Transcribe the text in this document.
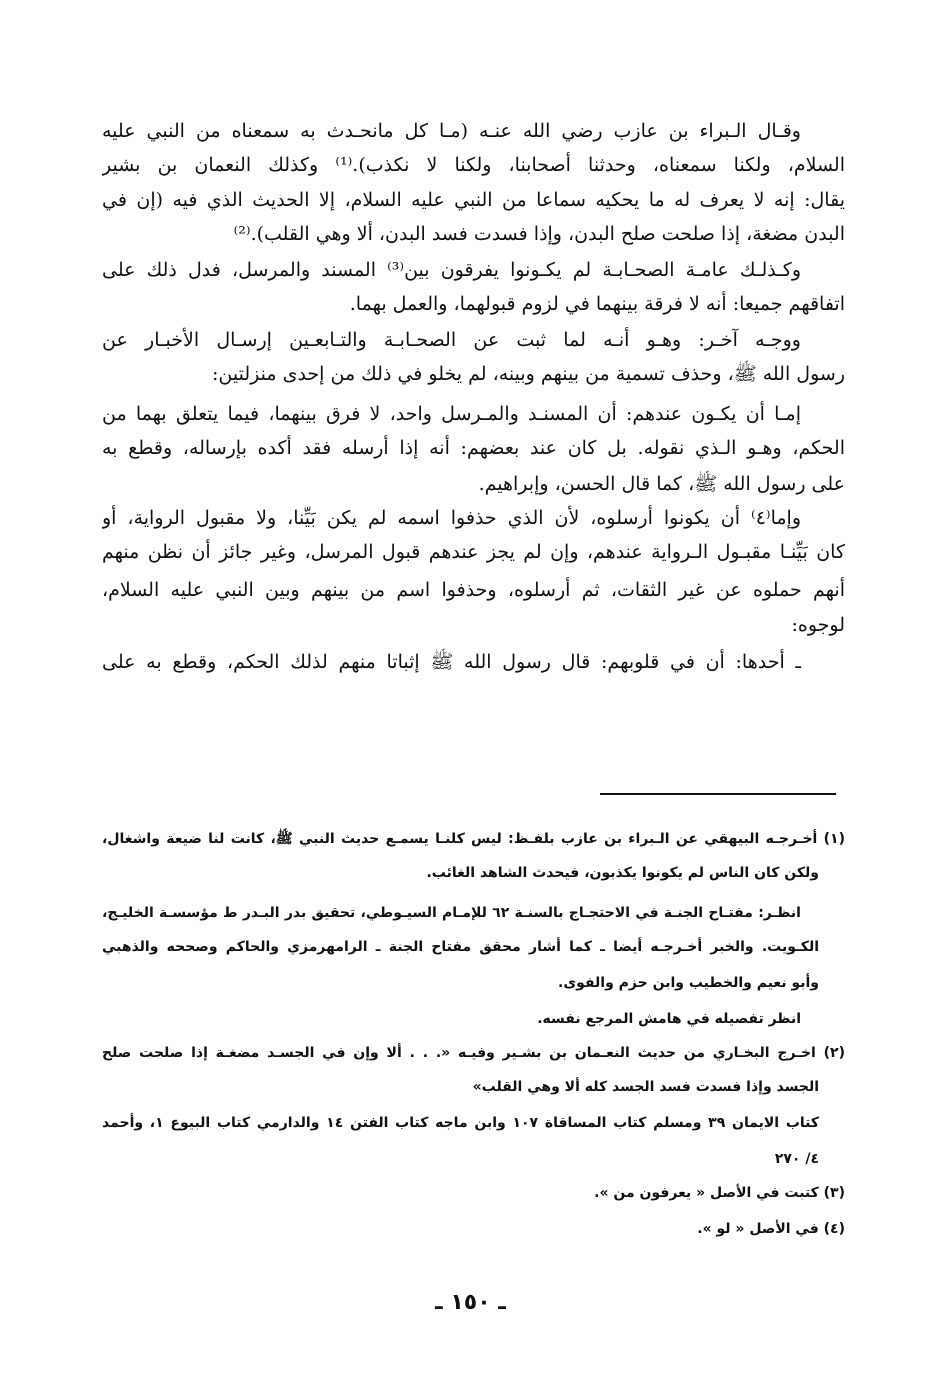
وقـال الـبراء بن عازب رضي الله عنـه (مـا كل مانحـدث به سمعناه من النبي عليه
السلام، ولكنا سمعناه، وحدثنا أصحابنا، ولكنا لا نكذب).⁽¹⁾ وكذلك النعمان بن بشير
يقال: إنه لا يعرف له ما يحكيه سماعا من النبي عليه السلام، إلا الحديث الذي فيه (إن في
البدن مضغة، إذا صلحت صلح البدن، وإذا فسدت فسد البدن، ألا وهي القلب).⁽²⁾
وكـذلـك عامـة الصحـابـة لم يكـونوا يفرقون بين⁽³⁾ المسند والمرسل، فدل ذلك على
اتفاقهم جميعا: أنه لا فرقة بينهما في لزوم قبولهما، والعمل بهما.
ووجـه آخـر: وهـو أنـه لما ثبت عن الصحـابـة والتـابعـين إرسـال الأخبـار عن
رسول الله ﷺ، وحذف تسمية من بينهم وبينه، لم يخلو في ذلك من إحدى منزلتين:
إمـا أن يكـون عندهم: أن المسنـد والمـرسل واحد، لا فرق بينهما، فيما يتعلق بهما من
الحكم، وهـو الـذي نقوله. بل كان عند بعضهم: أنه إذا أرسله فقد أكده بإرساله، وقطع به
على رسول الله ﷺ، كما قال الحسن، وإبراهيم.
وإما⁽٤⁾ أن يكونوا أرسلوه، لأن الذي حذفوا اسمه لم يكن بَيِّنا، ولا مقبول الرواية، أو
كان بَيِّنـا مقبـول الـرواية عندهم، وإن لم يجز عندهم قبول المرسل، وغير جائز أن نظن منهم
أنهم حملوه عن غير الثقات، ثم أرسلوه، وحذفوا اسم من بينهم وبين النبي عليه السلام،
لوجوه:
ـ أحدها: أن في قلوبهم: قال رسول الله ﷺ إثباتا منهم لذلك الحكم، وقطع به على
(١) أخـرجـه البيهقي عن الـبراء بن عازب بلفـظ: ليس كلنـا يسمـع حديث النبي ﷺ، كانت لنا ضيعة واشغال،
ولكن كان الناس لم يكونوا يكذبون، فيحدث الشاهد الغائب.
انظـر: مفتـاح الجنـة في الاحتجـاج بالسنـة ٦٢ للإمـام السيـوطي، تحقيق بدر البـدر ط مؤسسـة الخليـج،
الكـويت. والخبر أخـرجـه أيضا ـ كما أشار محقق مفتاح الجنة ـ الرامهرمزي والحاكم وصححه والذهبي
وأبو نعيم والخطيب وابن حزم والفوى.
انظر تفصيله في هامش المرجع نفسه.
(٢) اخـرج البخـاري من حديث النعـمان بن بشـير وفيـه «. . . ألا وإن في الجسـد مضغـة إذا صلحت صلح
الجسد وإذا فسدت فسد الجسد كله ألا وهي القلب»
كتاب الايمان ٣٩ ومسلم كتاب المساقاة ١٠٧ وابن ماجه كتاب الفتن ١٤ والدارمي كتاب البيوع ١، وأحمد
٤/ ٢٧٠
(٣) كتبت في الأصل « يعرفون من ».
(٤) في الأصل « لو ».
ـ ١٥٠ ـ
